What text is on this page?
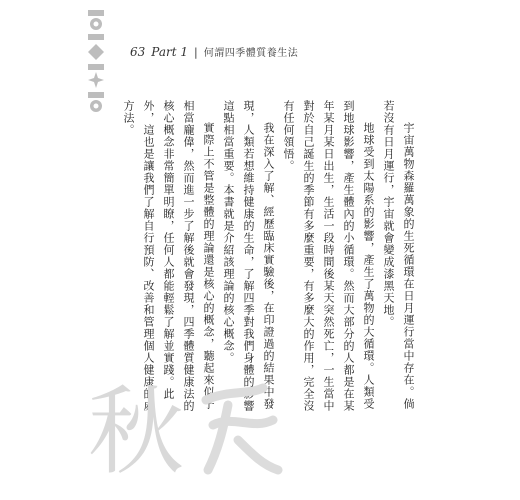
63 Part 1 | 何謂四季體質養生法

宇宙萬物森羅萬象的生死循環在日月運行當中存在。倘若沒有日月運行，宇宙就會變成漆黑天地。

地球受到太陽系的影響，產生了萬物的大循環。人類受到地球影響，產生體內的小循環。然而大部分的人都是在某年某月某日出生，生活一段時間後某天突然死亡，一生當中對於自己誕生的季節有多麼重要，有多麼大的作用，完全沒有任何領悟。

我在深入了解、經歷臨床實驗後，在印證過的結果中發現，人類若想維持健康的生命，了解四季對我們身體的影響這點相當重要。本書就是介紹該理論的核心概念。

實際上不管是整體的理論還是核心的概念，聽起來似乎相當龐偉，然而進一步了解後就會發現，四季體質健康法的核心概念非常簡單明瞭，任何人都能輕鬆了解並實踐。此外，這也是讓我們了解自行預防、改善和管理個人健康的處方法。

秋
